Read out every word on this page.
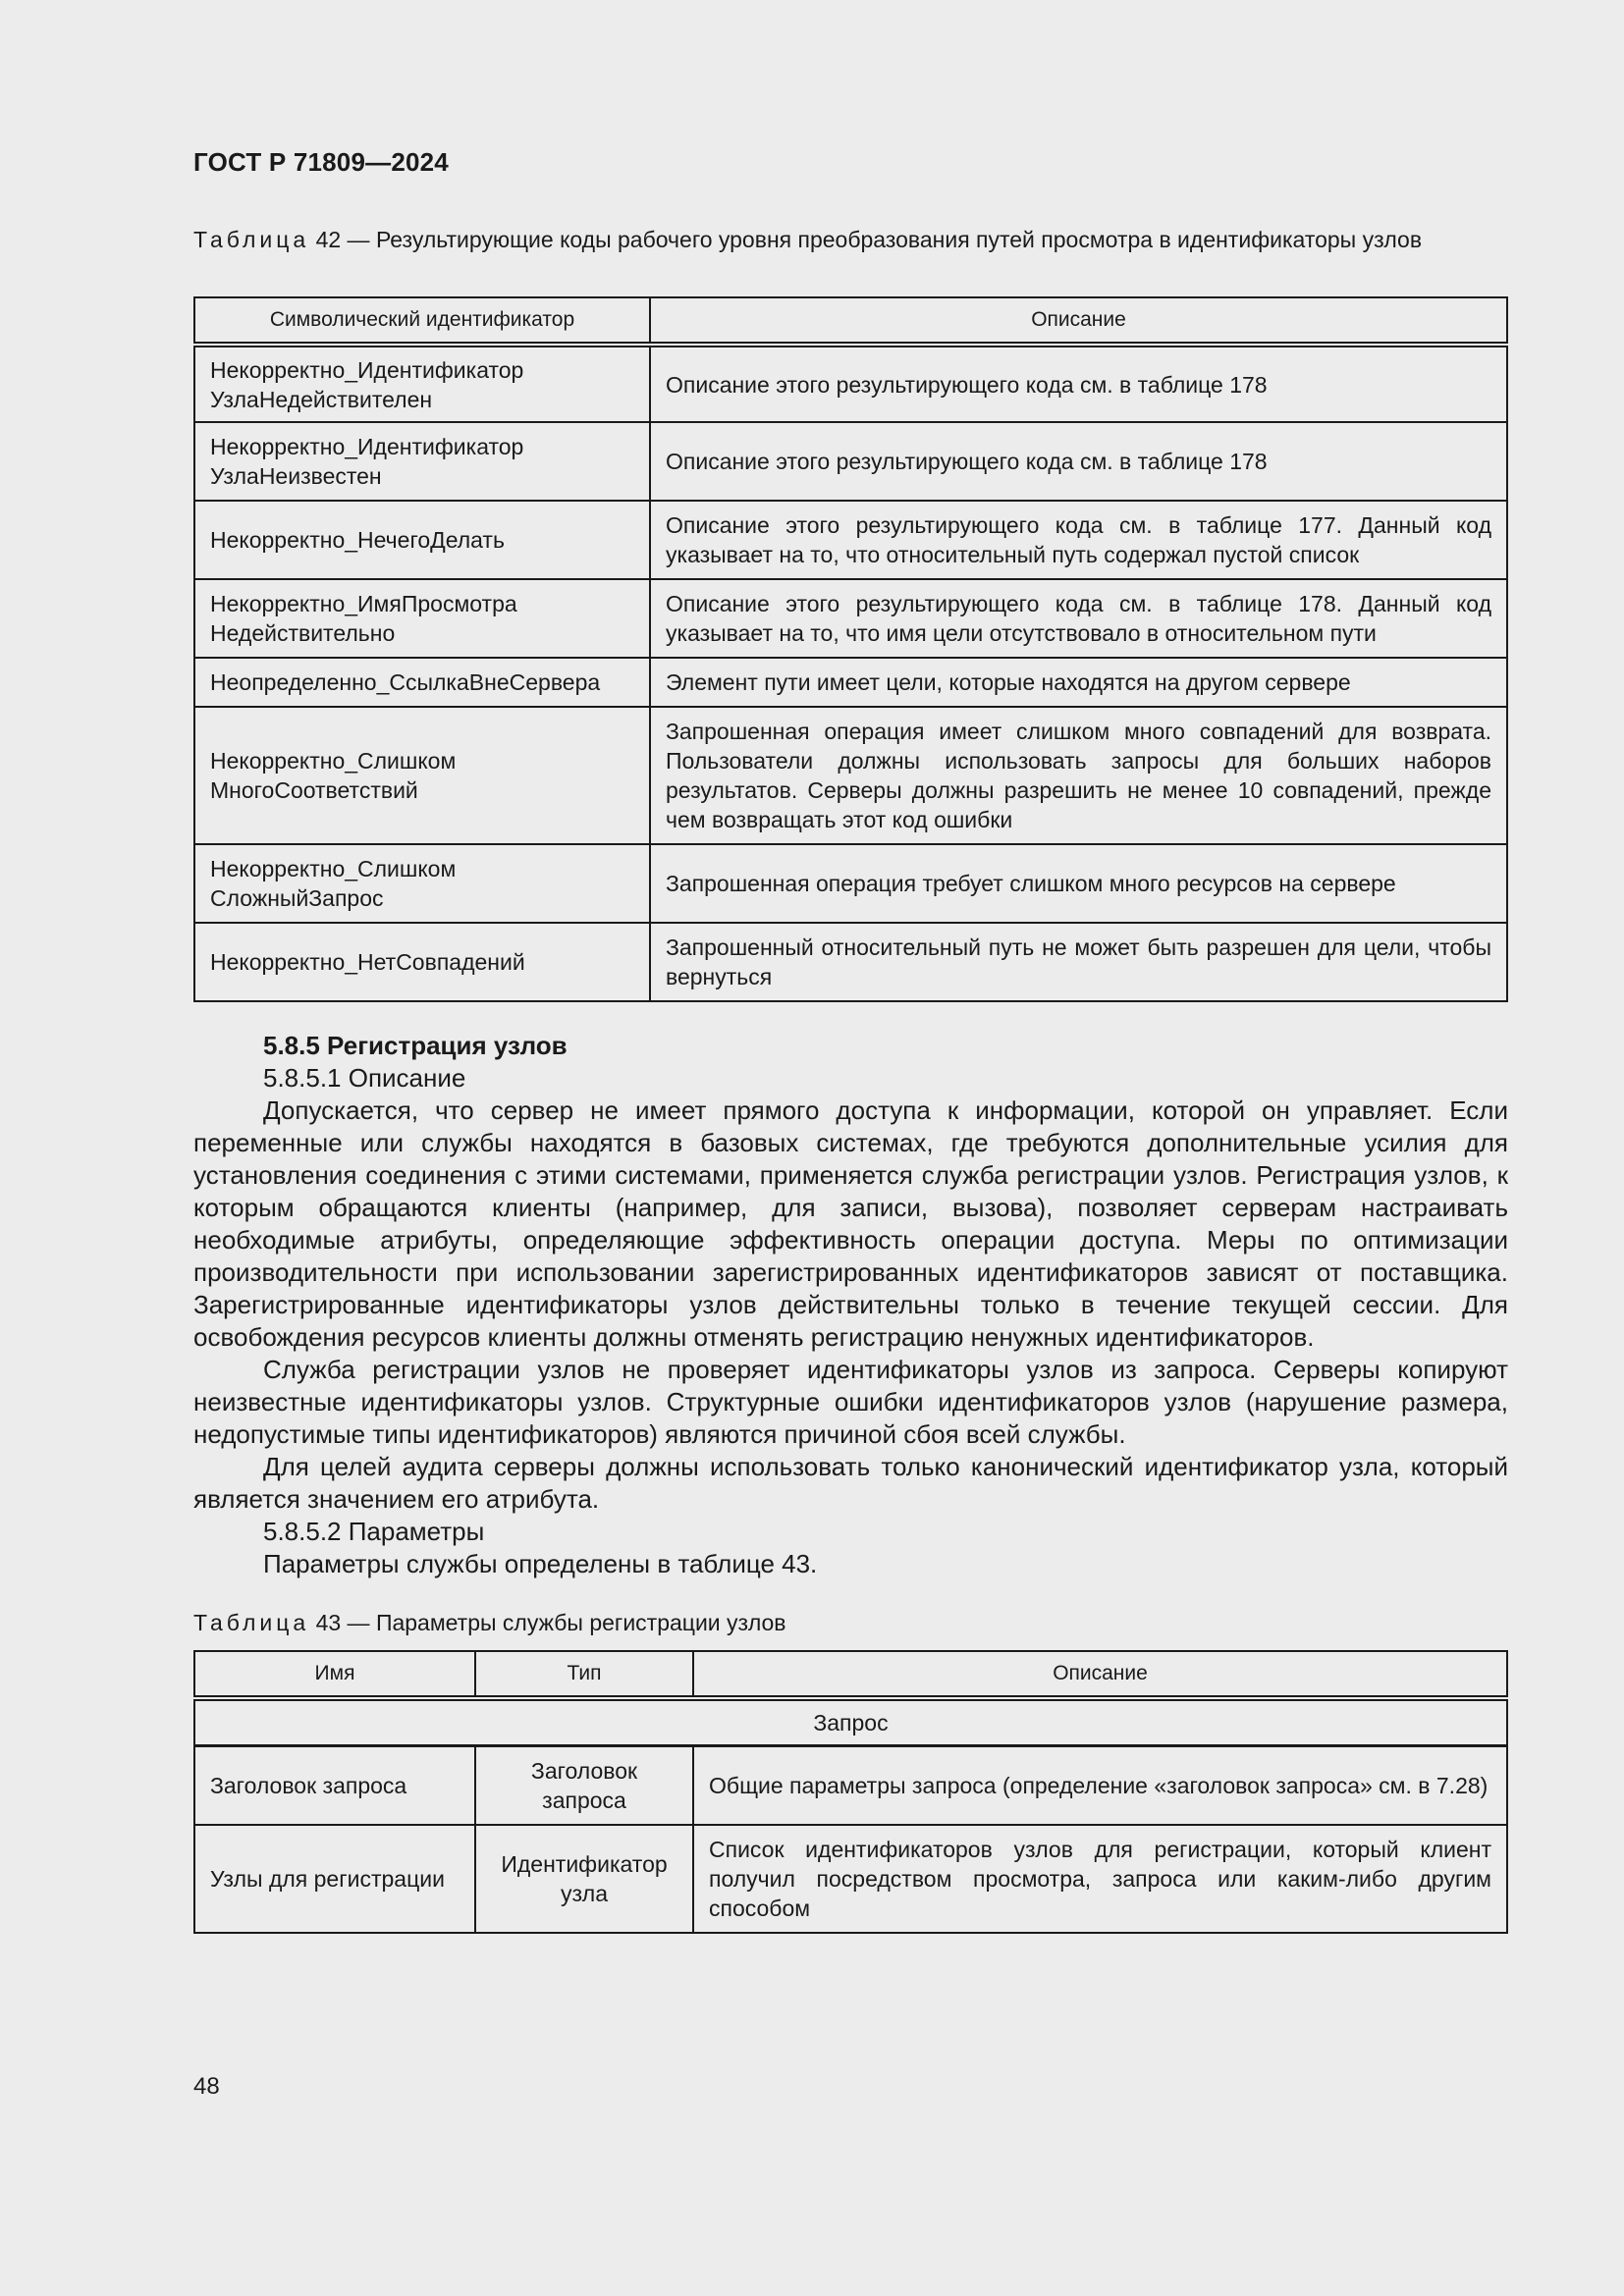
ГОСТ Р 71809—2024
Таблица 42 — Результирующие коды рабочего уровня преобразования путей просмотра в идентификаторы узлов
Символический идентификатор	Описание
Некорректно_Идентификатор УзлаНедействителен	Описание этого результирующего кода см. в таблице 178
Некорректно_Идентификатор УзлаНеизвестен	Описание этого результирующего кода см. в таблице 178
Некорректно_НечегоДелать	Описание этого результирующего кода см. в таблице 177. Данный код указывает на то, что относительный путь содержал пустой список
Некорректно_ИмяПросмотра Недействительно	Описание этого результирующего кода см. в таблице 178. Данный код указывает на то, что имя цели отсутствовало в относительном пути
Неопределенно_СсылкаВнеСервера	Элемент пути имеет цели, которые находятся на другом сервере
Некорректно_Слишком МногоСоответствий	Запрошенная операция имеет слишком много совпадений для возврата. Пользователи должны использовать запросы для больших наборов результатов. Серверы должны разрешить не менее 10 совпадений, прежде чем возвращать этот код ошибки
Некорректно_Слишком СложныйЗапрос	Запрошенная операция требует слишком много ресурсов на сервере
Некорректно_НетСовпадений	Запрошенный относительный путь не может быть разрешен для цели, чтобы вернуться

5.8.5 Регистрация узлов

5.8.5.1 Описание

Допускается, что сервер не имеет прямого доступа к информации, которой он управляет. Если переменные или службы находятся в базовых системах, где требуются дополнительные усилия для установления соединения с этими системами, применяется служба регистрации узлов. Регистрация узлов, к которым обращаются клиенты (например, для записи, вызова), позволяет серверам настраивать необходимые атрибуты, определяющие эффективность операции доступа. Меры по оптимизации производительности при использовании зарегистрированных идентификаторов зависят от поставщика. Зарегистрированные идентификаторы узлов действительны только в течение текущей сессии. Для освобождения ресурсов клиенты должны отменять регистрацию ненужных идентификаторов.

Служба регистрации узлов не проверяет идентификаторы узлов из запроса. Серверы копируют неизвестные идентификаторы узлов. Структурные ошибки идентификаторов узлов (нарушение размера, недопустимые типы идентификаторов) являются причиной сбоя всей службы.

Для целей аудита серверы должны использовать только канонический идентификатор узла, который является значением его атрибута.

5.8.5.2 Параметры

Параметры службы определены в таблице 43.

Таблица 43 — Параметры службы регистрации узлов
Имя	Тип	Описание
Запрос		
Заголовок запроса	Заголовок запроса	Общие параметры запроса (определение «заголовок запроса» см. в 7.28)
Узлы для регистрации	Идентификатор узла	Список идентификаторов узлов для регистрации, который клиент получил посредством просмотра, запроса или каким-либо другим способом
48
